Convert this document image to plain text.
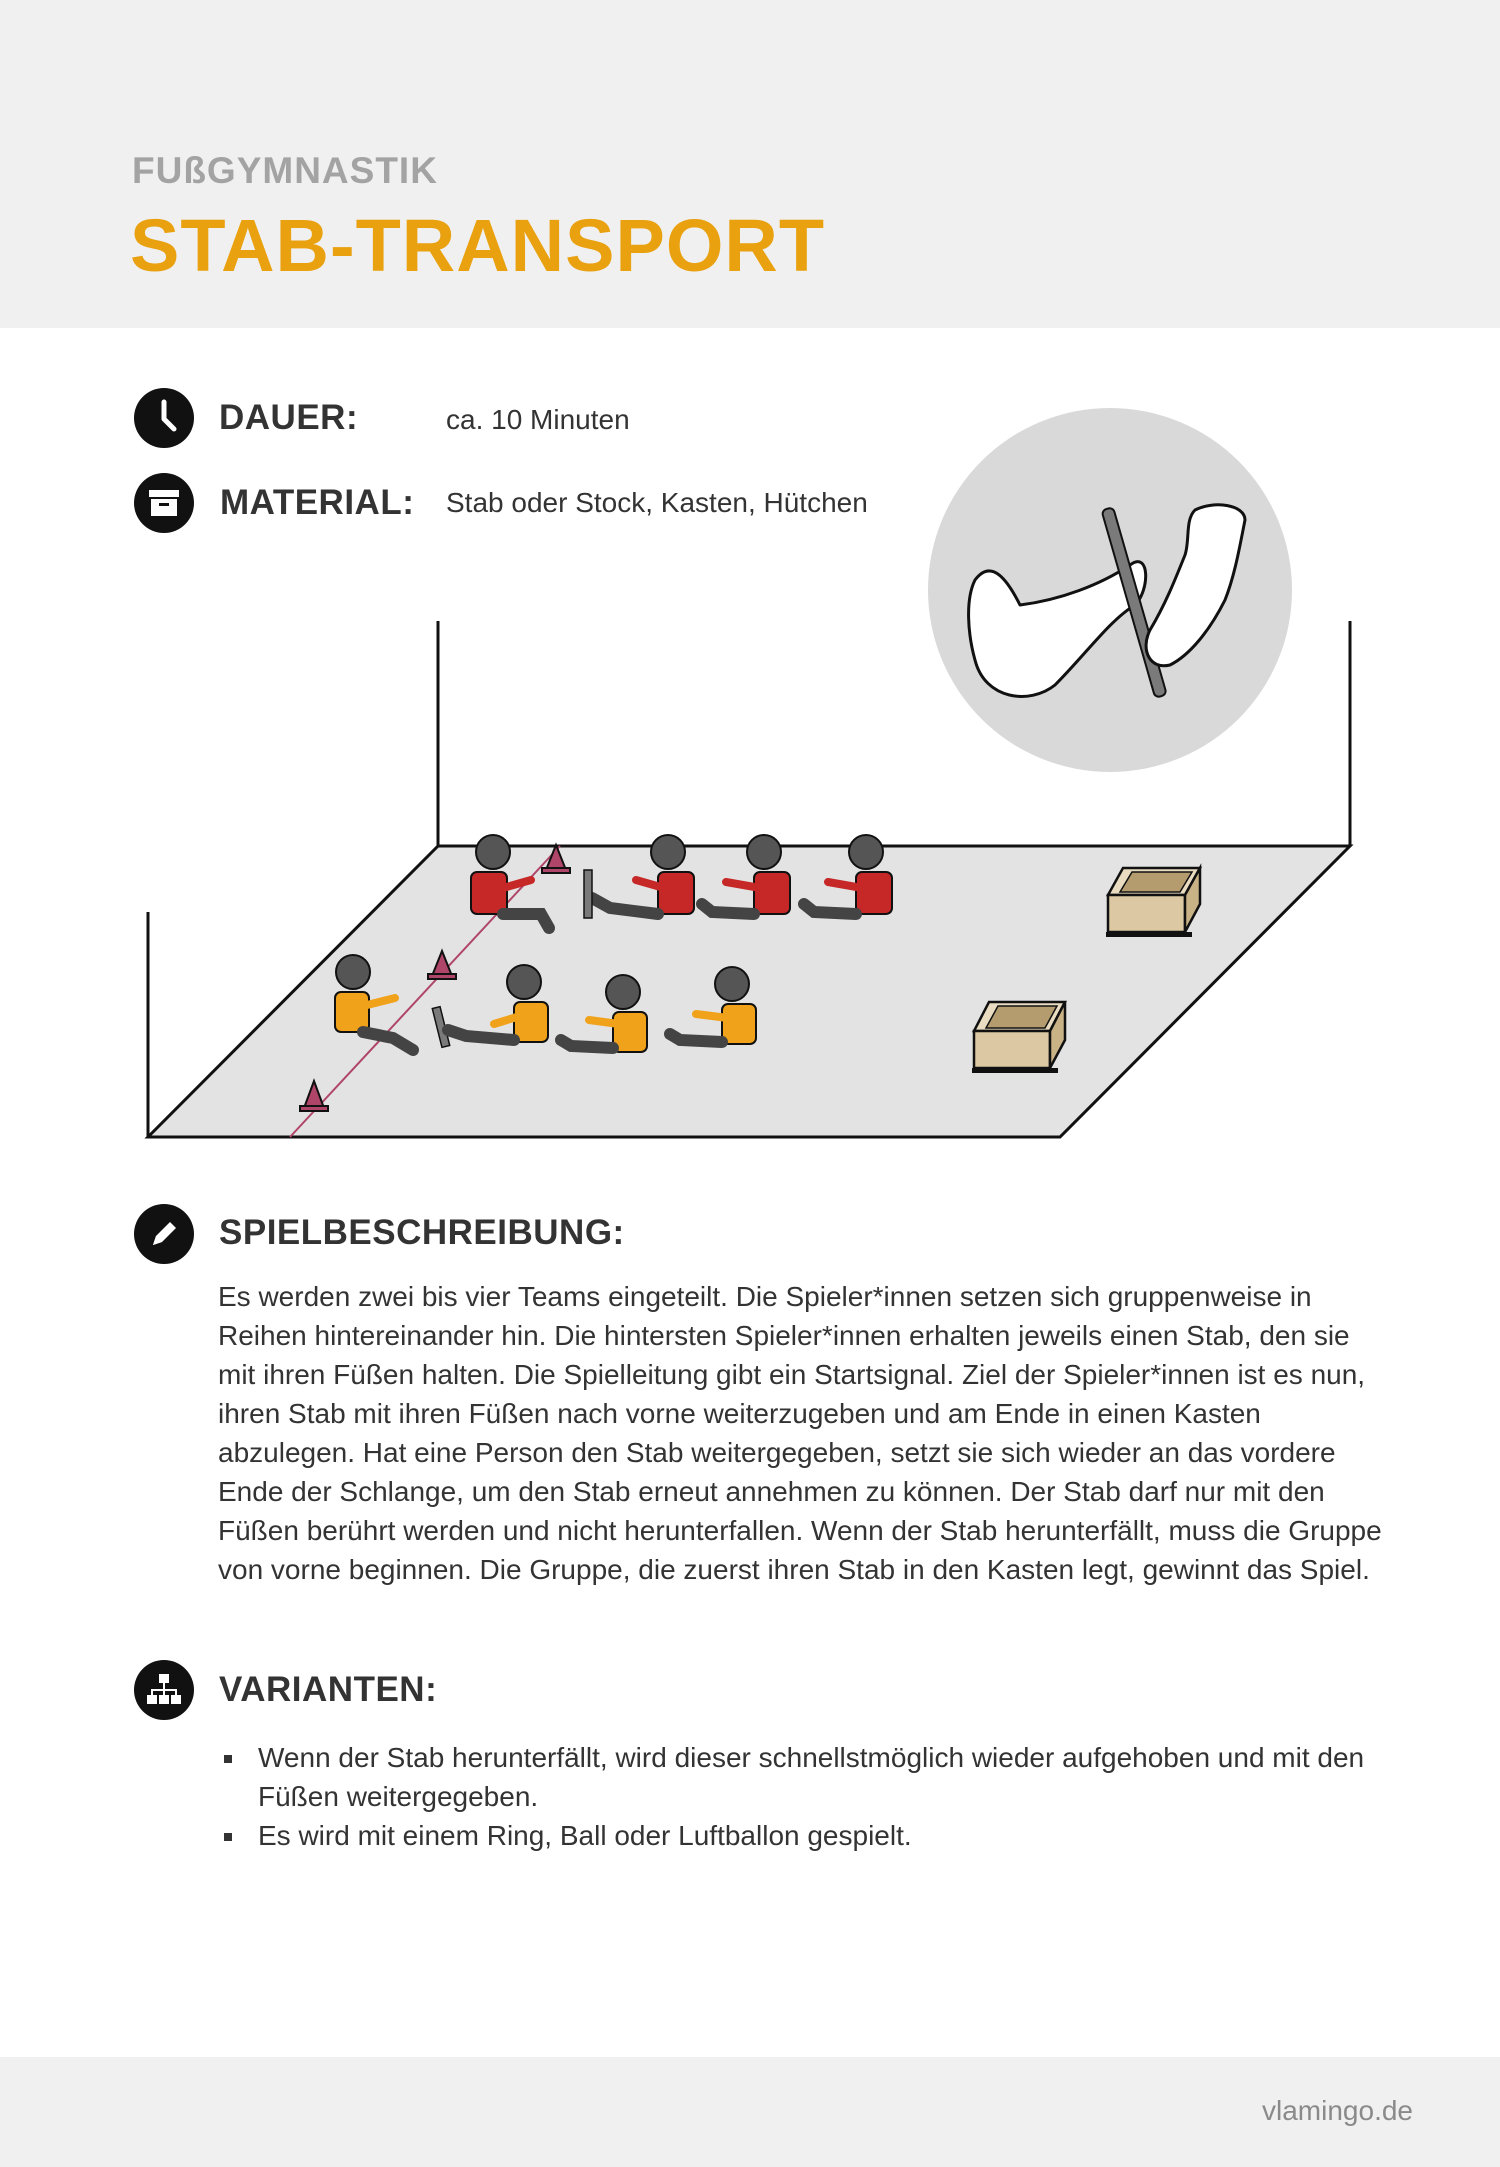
FUßGYMNASTIK
STAB-TRANSPORT
DAUER:	ca. 10 Minuten
MATERIAL: Stab oder Stock, Kasten, Hütchen
SPIELBESCHREIBUNG:
Es werden zwei bis vier Teams eingeteilt. Die Spieler*innen setzen sich gruppenweise in Reihen hintereinander hin. Die hintersten Spieler*innen erhalten jeweils einen Stab, den sie mit ihren Füßen halten. Die Spielleitung gibt ein Startsignal. Ziel der Spieler*innen ist es nun, ihren Stab mit ihren Füßen nach vorne weiterzugeben und am Ende in einen Kasten abzulegen. Hat eine Person den Stab weitergegeben, setzt sie sich wieder an das vordere Ende der Schlange, um den Stab erneut annehmen zu können. Der Stab darf nur mit den Füßen berührt werden und nicht herunterfallen. Wenn der Stab herunterfällt, muss die Gruppe von vorne beginnen. Die Gruppe, die zuerst ihren Stab in den Kasten legt, gewinnt das Spiel.
VARIANTEN:
Wenn der Stab herunterfällt, wird dieser schnellstmöglich wieder aufgehoben und mit den Füßen weitergegeben.
Es wird mit einem Ring, Ball oder Luftballon gespielt.
vlamingo.de
